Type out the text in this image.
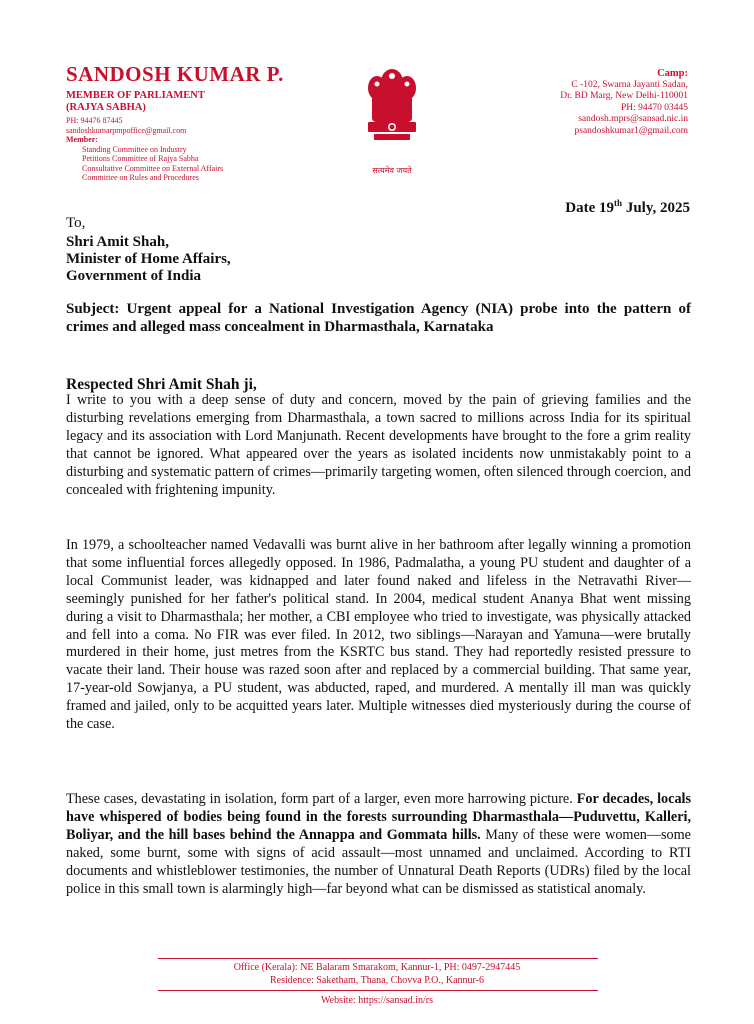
SANDOSH KUMAR P.
MEMBER OF PARLIAMENT
(RAJYA SABHA)
PH: 94476 87445
sandoshkumarpmpoffice@gmail.com
Member:
Standing Committee on Industry
Petitions Committee of Rajya Sabha
Consultative Committee on External Affairs
Committee on Rules and Procedures
सत्यमेव जयते
Camp:
C -102, Swarna Jayanti Sadan,
Dr. BD Marg, New Delhi-110001
PH: 94470 03445
sandosh.mprs@sansad.nic.in
psandoshkumar1@gmail.com
Date 19th July, 2025
To,
Shri Amit Shah,
Minister of Home Affairs,
Government of India
Subject: Urgent appeal for a National Investigation Agency (NIA) probe into the pattern of crimes and alleged mass concealment in Dharmasthala, Karnataka
Respected Shri Amit Shah ji,
I write to you with a deep sense of duty and concern, moved by the pain of grieving families and the disturbing revelations emerging from Dharmasthala, a town sacred to millions across India for its spiritual legacy and its association with Lord Manjunath. Recent developments have brought to the fore a grim reality that cannot be ignored. What appeared over the years as isolated incidents now unmistakably point to a disturbing and systematic pattern of crimes—primarily targeting women, often silenced through coercion, and concealed with frightening impunity.
In 1979, a schoolteacher named Vedavalli was burnt alive in her bathroom after legally winning a promotion that some influential forces allegedly opposed. In 1986, Padmalatha, a young PU student and daughter of a local Communist leader, was kidnapped and later found naked and lifeless in the Netravathi River—seemingly punished for her father's political stand. In 2004, medical student Ananya Bhat went missing during a visit to Dharmasthala; her mother, a CBI employee who tried to investigate, was physically attacked and fell into a coma. No FIR was ever filed. In 2012, two siblings—Narayan and Yamuna—were brutally murdered in their home, just metres from the KSRTC bus stand. They had reportedly resisted pressure to vacate their land. Their house was razed soon after and replaced by a commercial building. That same year, 17-year-old Sowjanya, a PU student, was abducted, raped, and murdered. A mentally ill man was quickly framed and jailed, only to be acquitted years later. Multiple witnesses died mysteriously during the course of the case.
These cases, devastating in isolation, form part of a larger, even more harrowing picture. For decades, locals have whispered of bodies being found in the forests surrounding Dharmasthala—Puduvettu, Kalleri, Boliyar, and the hill bases behind the Annappa and Gommata hills. Many of these were women—some naked, some burnt, some with signs of acid assault—most unnamed and unclaimed. According to RTI documents and whistleblower testimonies, the number of Unnatural Death Reports (UDRs) filed by the local police in this small town is alarmingly high—far beyond what can be dismissed as statistical anomaly.
Office (Kerala): NE Balaram Smarakom, Kannur-1, PH: 0497-2947445
Residence: Saketham, Thana, Chovva P.O., Kannur-6
Website: https://sansad.in/rs
